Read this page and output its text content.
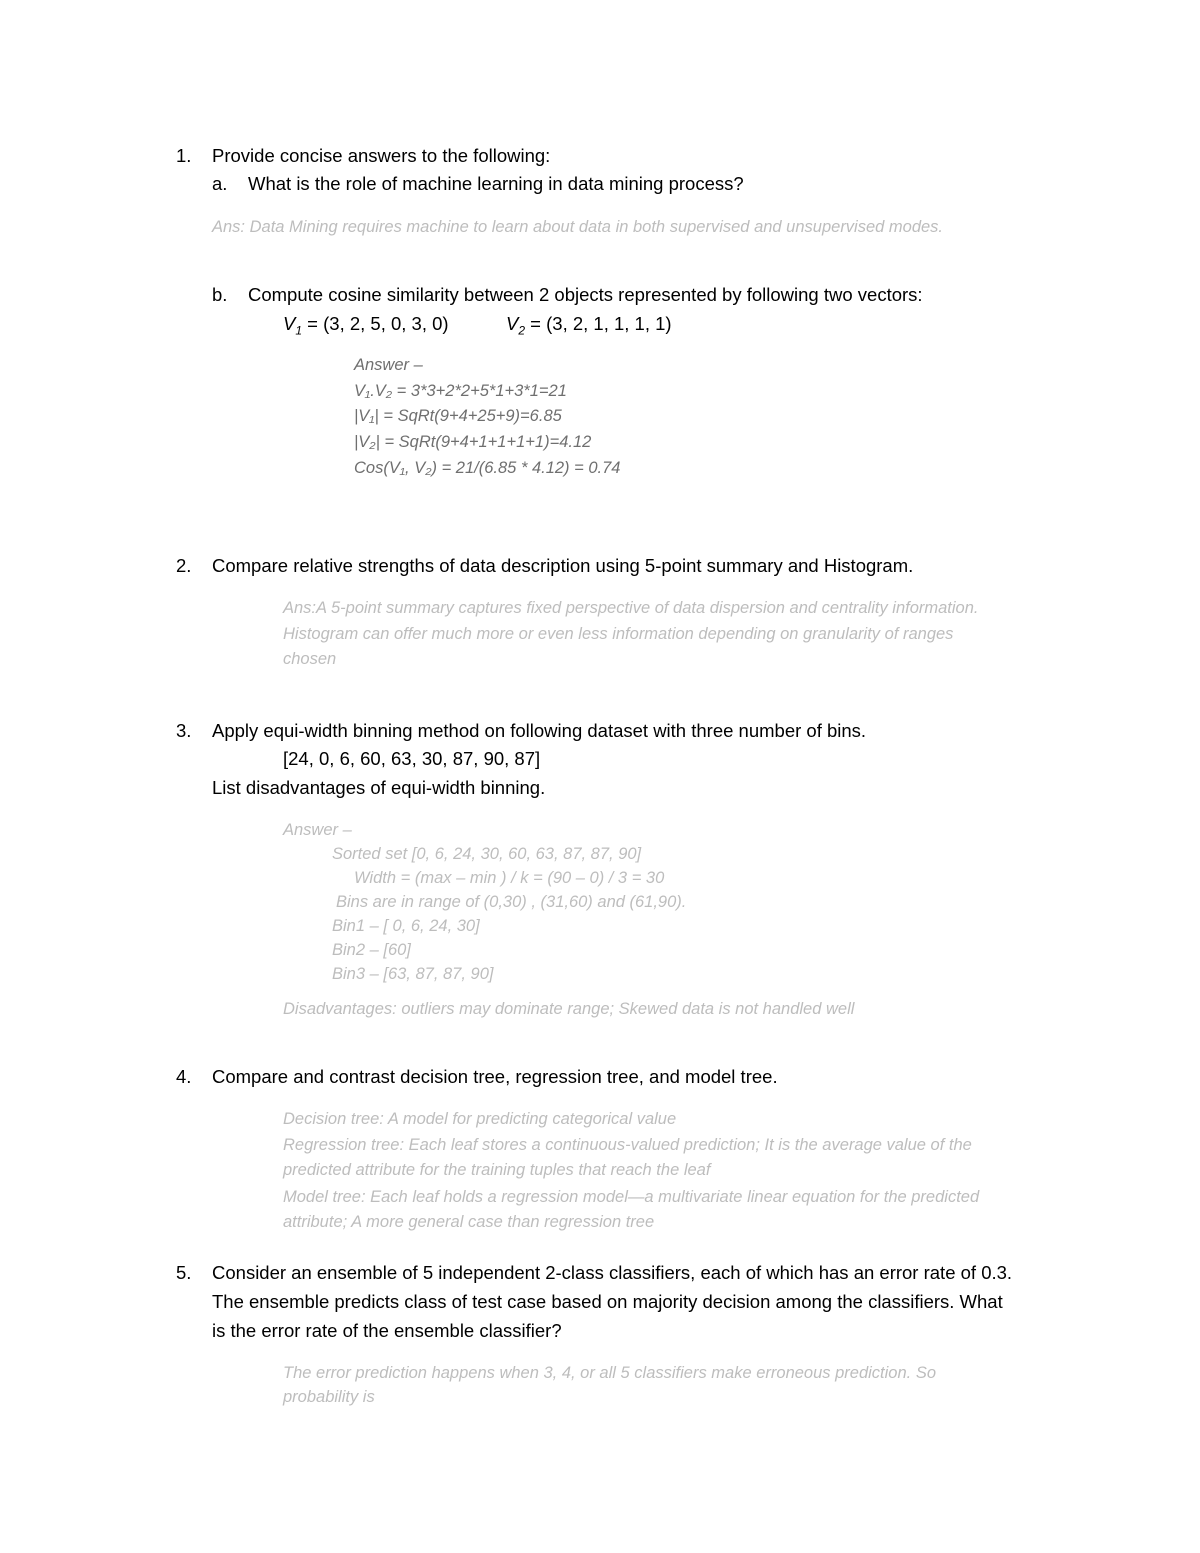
1. Provide concise answers to the following:
a. What is the role of machine learning in data mining process?
Ans: Data Mining requires machine to learn about data in both supervised and unsupervised modes.
b. Compute cosine similarity between 2 objects represented by following two vectors:
$V_1 = (3$, 2, 5, 0, 3, 0)	$V_2 = (3$, 2, 1, 1, 1, 1)
Answer –
V₁.V₂ = 3*3+2*2+5*1+3*1=21
|V₁| = SqRt(9+4+25+9)=6.85
|V₂| = SqRt(9+4+1+1+1+1)=4.12
Cos(V₁, V₂) = 21/(6.85 * 4.12) = 0.74
2. Compare relative strengths of data description using 5-point summary and Histogram.
Ans:A 5-point summary captures fixed perspective of data dispersion and centrality information.
Histogram can offer much more or even less information depending on granularity of ranges
chosen
3. Apply equi-width binning method on following dataset with three number of bins.
[24, 0, 6, 60, 63, 30, 87, 90, 87]
List disadvantages of equi-width binning.
Answer –
Sorted set [0, 6, 24, 30, 60, 63, 87, 87, 90]
Width = (max – min ) / k = (90 – 0) / 3 = 30
Bins are in range of (0,30) , (31,60) and (61,90).
Bin1 – [ 0, 6, 24, 30]
Bin2 – [60]
Bin3 – [63, 87, 87, 90]
Disadvantages: outliers may dominate range; Skewed data is not handled well
4. Compare and contrast decision tree, regression tree, and model tree.
Decision tree: A model for predicting categorical value
Regression tree: Each leaf stores a continuous-valued prediction; It is the average value of the
predicted attribute for the training tuples that reach the leaf
Model tree: Each leaf holds a regression model—a multivariate linear equation for the predicted
attribute; A more general case than regression tree
5. Consider an ensemble of 5 independent 2-class classifiers, each of which has an error rate of 0.3.
The ensemble predicts class of test case based on majority decision among the classifiers. What
is the error rate of the ensemble classifier?
The error prediction happens when 3, 4, or all 5 classifiers make erroneous prediction. So
probability is
